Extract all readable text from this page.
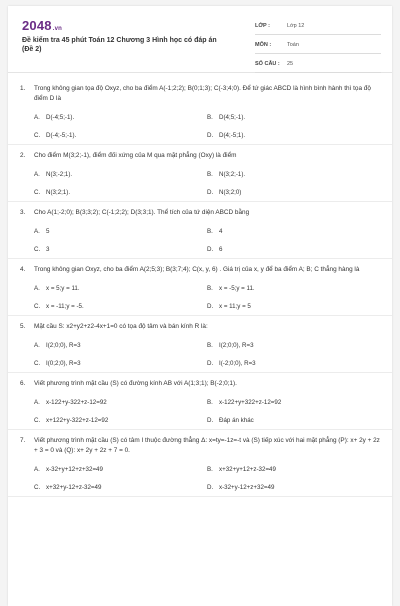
2048.vn
Đề kiểm tra 45 phút Toán 12 Chương 3 Hình học có đáp án
(Đề 2)
LỚP :	Lớp 12
MÔN :	Toán
SỐ CÂU :	25
1.	Trong không gian tọa độ Oxyz, cho ba điểm A(-1;2;2); B(0;1;3); C(-3;4;0). Để tứ giác ABCD là hình bình hành thì tọa độ điểm D là
A. D(-4;5;-1).	B. D(4;5;-1).
C. D(-4;-5;-1).	D. D(4;-5;1).
2.	Cho điểm M(3;2;-1), điểm đối xứng của M qua mặt phẳng (Oxy) là điểm
A. N(3;-2;1).	B. N(3;2;-1).
C. N(3;2;1).	D. N(3;2;0)
3.	Cho A(1;-2;0); B(3;3;2); C(-1;2;2); D(3;3;1). Thể tích của tứ diện ABCD bằng
A. 5	B. 4
C. 3	D. 6
4.	Trong không gian Oxyz, cho ba điểm A(2;5;3); B(3;7;4); C(x, y, 6) . Giá trị của x, y để ba điểm A; B; C thẳng hàng là
A. x = 5;y = 11.	B. x = -5;y = 11.
C. x = -11;y = -5.	D. x = 11;y = 5
5.	Mặt cầu S: x2+y2+z2-4x+1=0 có tọa độ tâm và bán kính R là:
A. I(2;0;0), R=3	B. I(2;0;0), R=3
C. I(0;2;0), R=3	D. I(-2;0;0), R=3
6.	Viết phương trình mặt cầu (S) có đường kính AB với A(1;3;1); B(-2;0;1).
A. x-122+y-322+z-12=92	B. x-122+y+322+z-12=92
C. x+122+y-322+z-12=92	D. Đáp án khác
7.	Viết phương trình mặt cầu (S) có tâm I thuộc đường thẳng Δ: x=ty=-1z=-t và (S) tiếp xúc với hai mặt phẳng (P): x+ 2y + 2z + 3 = 0 và (Q): x+ 2y + 2z + 7 = 0.
A. x-32+y+12+z+32=49	B. x+32+y+12+z-32=49
C. x+32+y-12+z-32=49	D. x-32+y-12+z+32=49
